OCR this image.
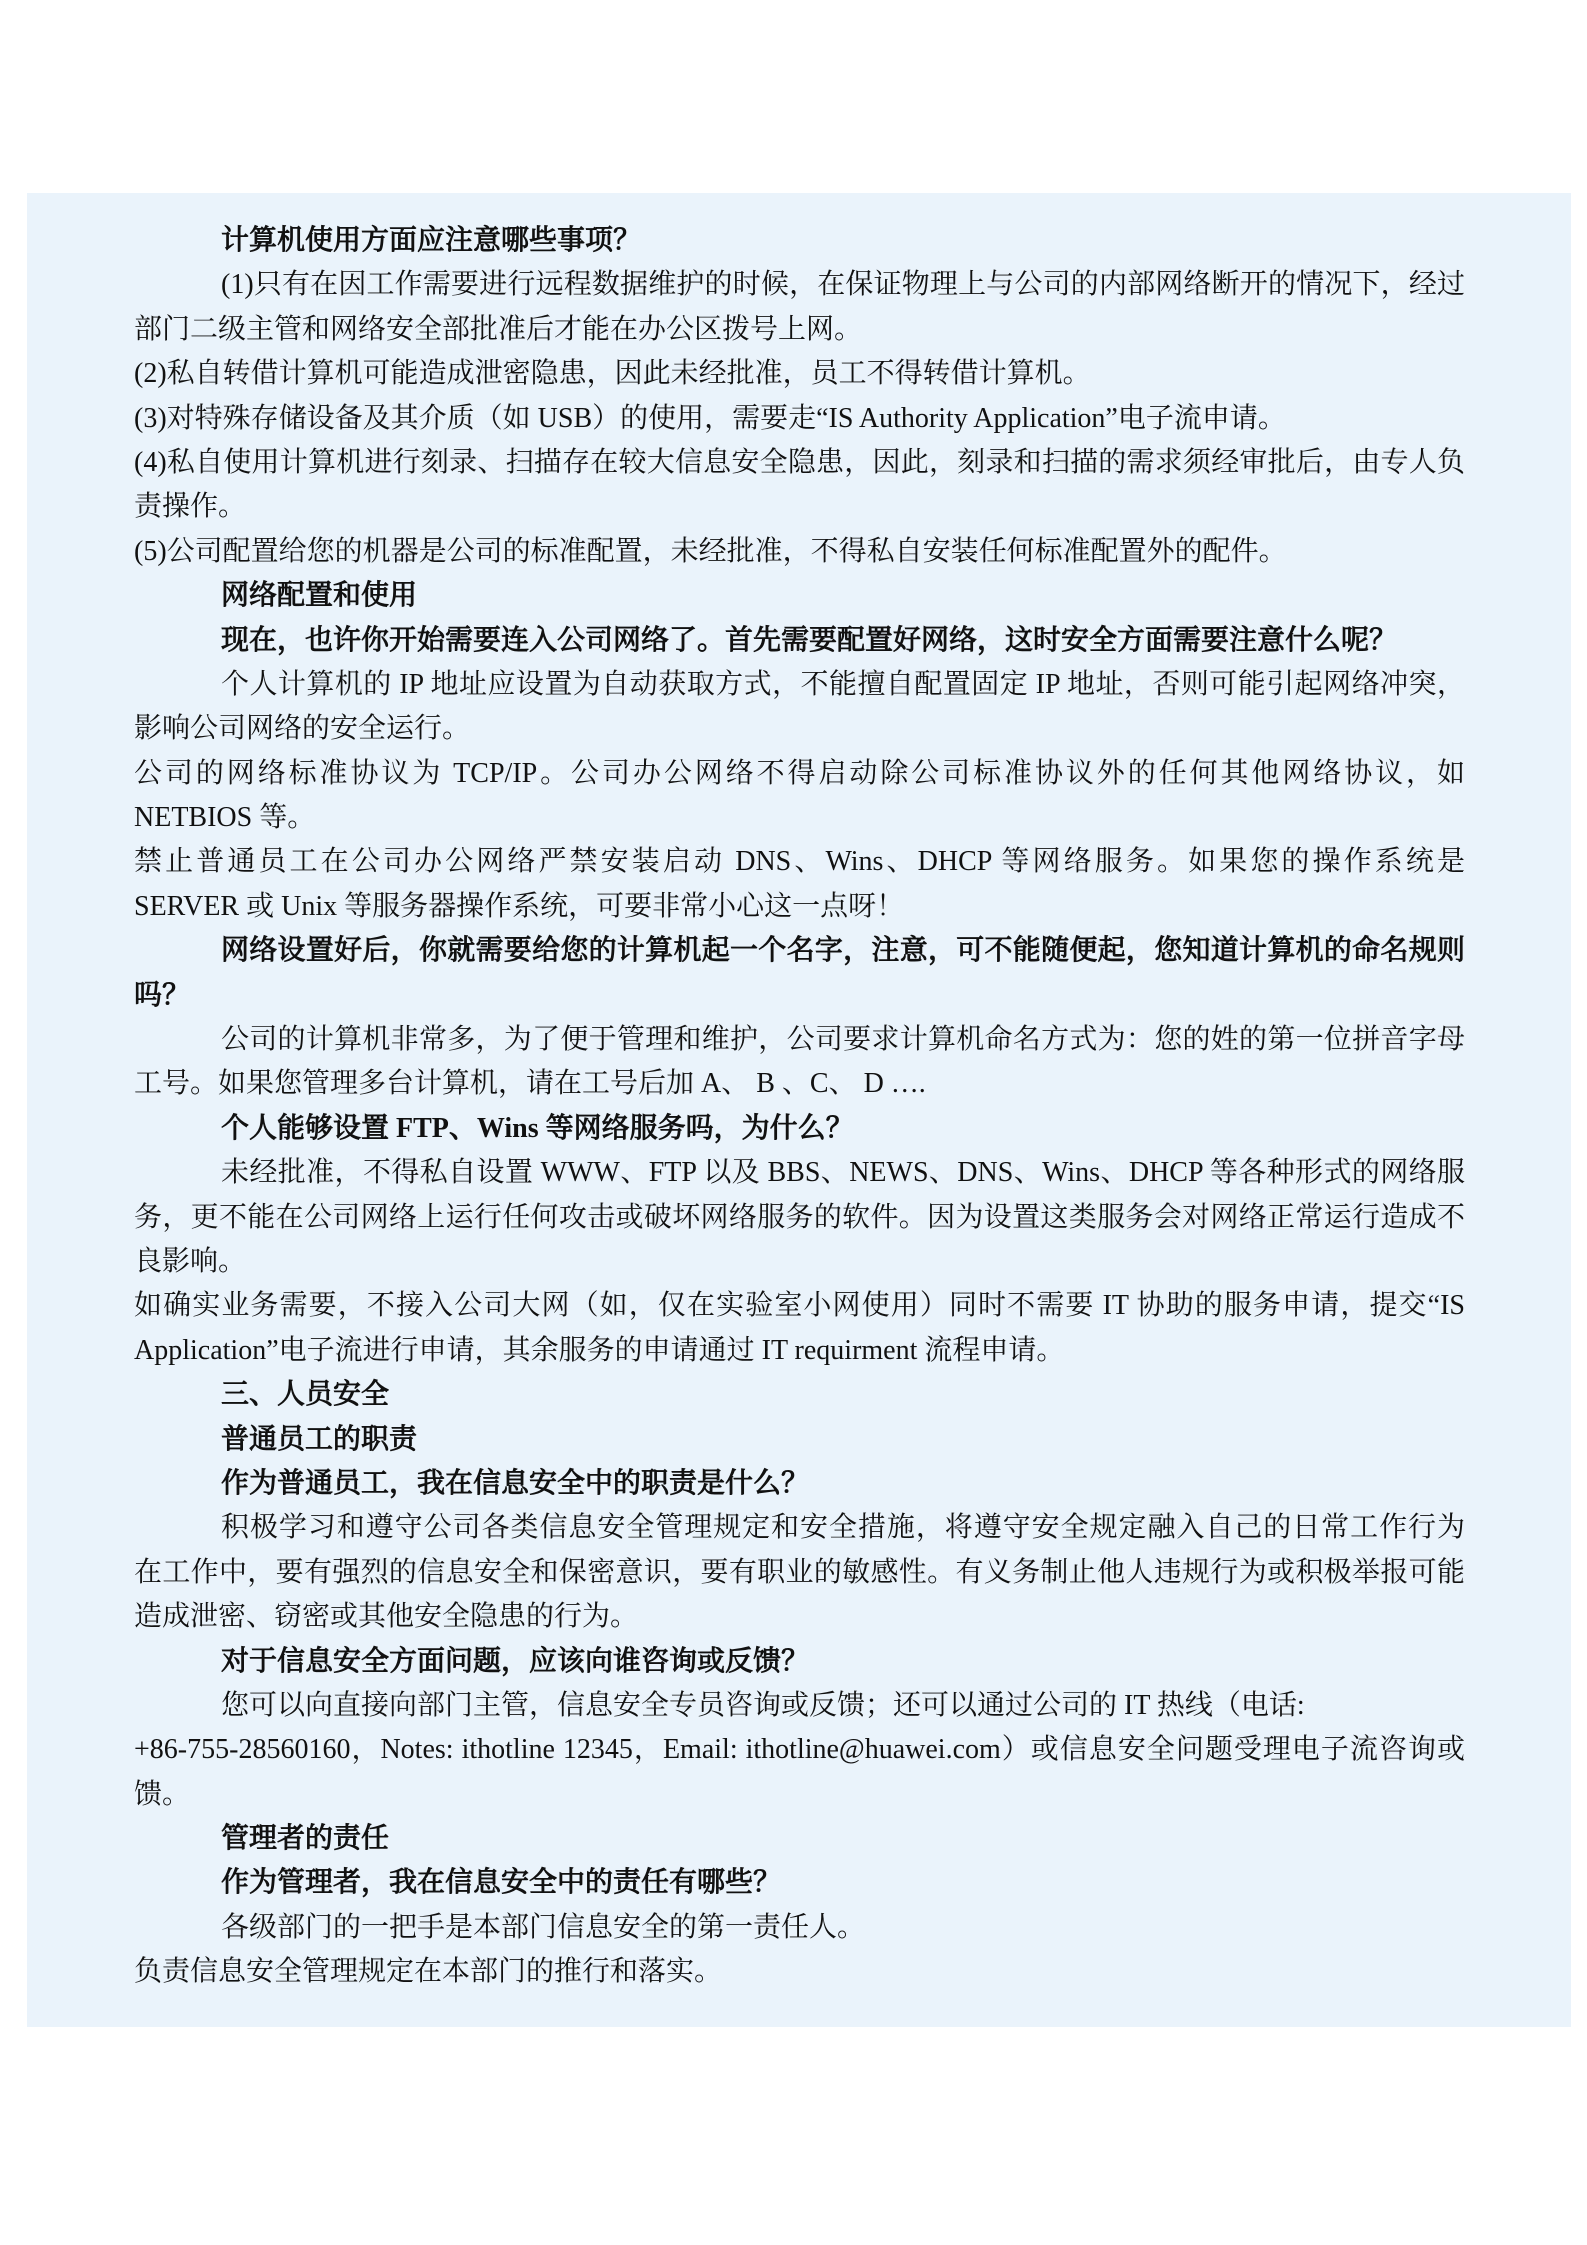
计算机使用方面应注意哪些事项？
(1)只有在因工作需要进行远程数据维护的时候，在保证物理上与公司的内部网络断开的情况下，经过
部门二级主管和网络安全部批准后才能在办公区拨号上网。
(2)私自转借计算机可能造成泄密隐患，因此未经批准，员工不得转借计算机。
(3)对特殊存储设备及其介质（如 USB）的使用，需要走“IS Authority Application”电子流申请。
(4)私自使用计算机进行刻录、扫描存在较大信息安全隐患，因此，刻录和扫描的需求须经审批后，由专人负
责操作。
(5)公司配置给您的机器是公司的标准配置，未经批准，不得私自安装任何标准配置外的配件。
网络配置和使用
现在，也许你开始需要连入公司网络了。首先需要配置好网络，这时安全方面需要注意什么呢？
个人计算机的 IP 地址应设置为自动获取方式，不能擅自配置固定 IP 地址，否则可能引起网络冲突，
影响公司网络的安全运行。
公司的网络标准协议为 TCP/IP。公司办公网络不得启动除公司标准协议外的任何其他网络协议，如
NETBIOS 等。
禁止普通员工在公司办公网络严禁安装启动 DNS、Wins、DHCP 等网络服务。如果您的操作系统是
SERVER 或 Unix 等服务器操作系统，可要非常小心这一点呀！
网络设置好后，你就需要给您的计算机起一个名字，注意，可不能随便起，您知道计算机的命名规则
吗？
公司的计算机非常多，为了便于管理和维护，公司要求计算机命名方式为：您的姓的第一位拼音字母
工号。如果您管理多台计算机，请在工号后加 A、 B 、C、 D ….
个人能够设置 FTP、Wins 等网络服务吗，为什么？
未经批准，不得私自设置 WWW、FTP 以及 BBS、NEWS、DNS、Wins、DHCP 等各种形式的网络服
务，更不能在公司网络上运行任何攻击或破坏网络服务的软件。因为设置这类服务会对网络正常运行造成不
良影响。
如确实业务需要，不接入公司大网（如，仅在实验室小网使用）同时不需要 IT 协助的服务申请，提交“IS
Application”电子流进行申请，其余服务的申请通过 IT requirment 流程申请。
三、人员安全
普通员工的职责
作为普通员工，我在信息安全中的职责是什么？
积极学习和遵守公司各类信息安全管理规定和安全措施，将遵守安全规定融入自己的日常工作行为
在工作中，要有强烈的信息安全和保密意识，要有职业的敏感性。有义务制止他人违规行为或积极举报可能
造成泄密、窃密或其他安全隐患的行为。
对于信息安全方面问题，应该向谁咨询或反馈？
您可以向直接向部门主管，信息安全专员咨询或反馈；还可以通过公司的 IT 热线（电话:
+86-755-28560160，Notes: ithotline 12345，Email: ithotline@huawei.com）或信息安全问题受理电子流咨询或
馈。
管理者的责任
作为管理者，我在信息安全中的责任有哪些？
各级部门的一把手是本部门信息安全的第一责任人。
负责信息安全管理规定在本部门的推行和落实。
